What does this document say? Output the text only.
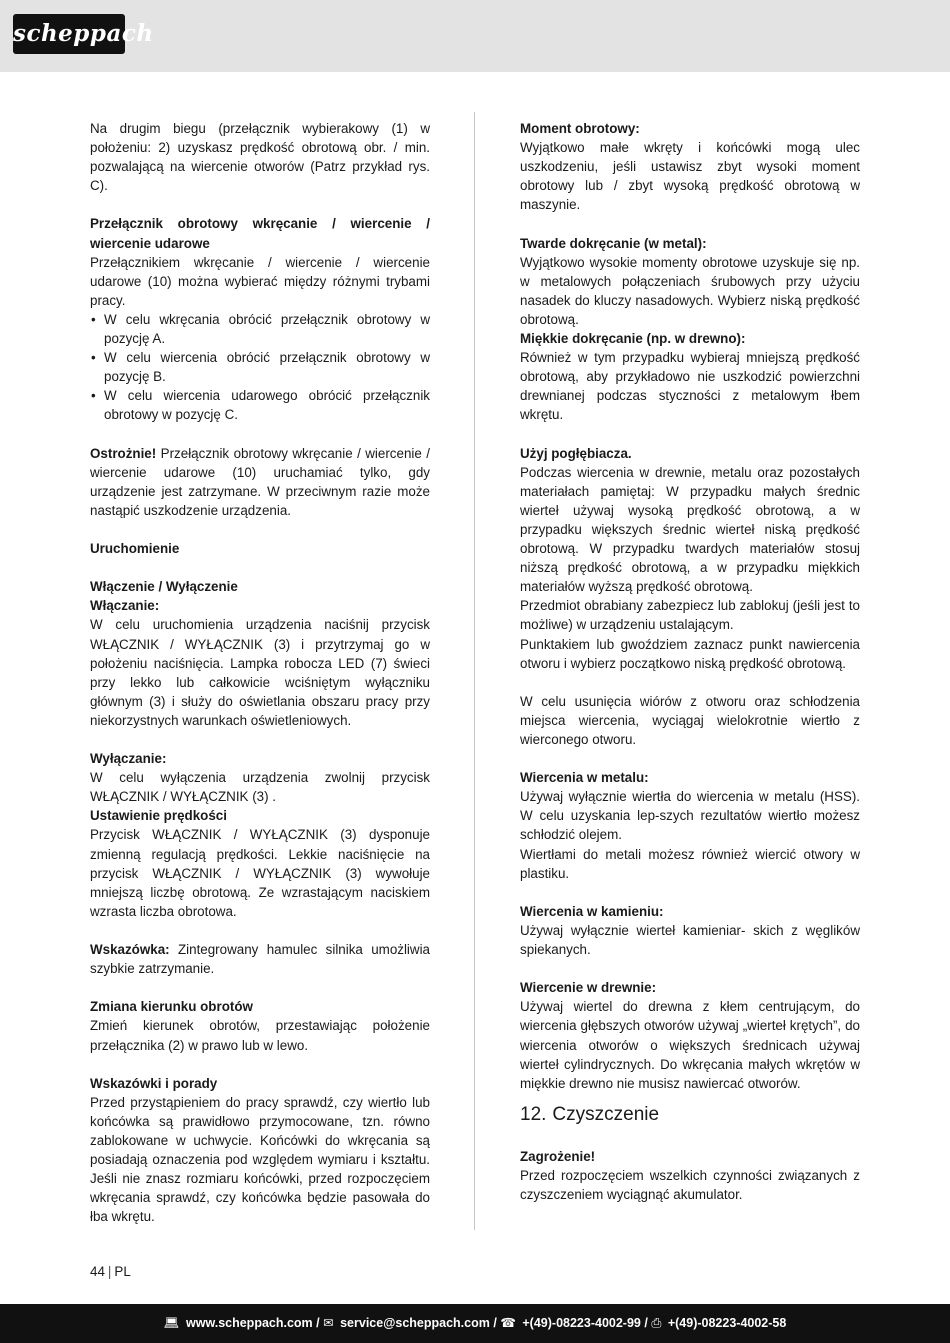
scheppach

Na drugim biegu (przełącznik wybierakowy (1) w położeniu: 2) uzyskasz prędkość obrotową obr. / min. pozwalającą na wiercenie otworów (Patrz przykład rys. C).

Przełącznik obrotowy wkręcanie / wiercenie / wiercenie udarowe

Przełącznikiem wkręcanie / wiercenie / wiercenie udarowe (10) można wybierać między różnymi trybami pracy.

• W celu wkręcania obrócić przełącznik obrotowy w pozycję A.
• W celu wiercenia obrócić przełącznik obrotowy w pozycję B.
• W celu wiercenia udarowego obrócić przełącznik obrotowy w pozycję C.

Ostrożnie! Przełącznik obrotowy wkręcanie / wiercenie / wiercenie udarowe (10) uruchamiać tylko, gdy urządzenie jest zatrzymane. W przeciwnym razie może nastąpić uszkodzenie urządzenia.

Uruchomienie

Włączenie / Wyłączenie

Włączanie:

W celu uruchomienia urządzenia naciśnij przycisk WŁĄCZNIK / WYŁĄCZNIK (3) i przytrzymaj go w położeniu naciśnięcia. Lampka robocza LED (7) świeci przy lekko lub całkowicie wciśniętym wyłączniku głównym (3) i służy do oświetlania obszaru pracy przy niekorzystnych warunkach oświetleniowych.

Wyłączanie:

W celu wyłączenia urządzenia zwolnij przycisk WŁĄCZNIK / WYŁĄCZNIK (3) .

Ustawienie prędkości

Przycisk WŁĄCZNIK / WYŁĄCZNIK (3) dysponuje zmienną regulacją prędkości. Lekkie naciśnięcie na przycisk WŁĄCZNIK / WYŁĄCZNIK (3) wywołuje mniejszą liczbę obrotową. Ze wzrastającym naciskiem wzrasta liczba obrotowa.

Wskazówka: Zintegrowany hamulec silnika umożliwia szybkie zatrzymanie.

Zmiana kierunku obrotów

Zmień kierunek obrotów, przestawiając położenie przełącznika (2) w prawo lub w lewo.

Wskazówki i porady

Przed przystąpieniem do pracy sprawdź, czy wiertło lub końcówka są prawidłowo przymocowane, tzn. równo zablokowane w uchwycie. Końcówki do wkręcania są posiadają oznaczenia pod względem wymiaru i kształtu. Jeśli nie znasz rozmiaru końcówki, przed rozpoczęciem wkręcania sprawdź, czy końcówka będzie pasowała do łba wkrętu.

Moment obrotowy:

Wyjątkowo małe wkręty i końcówki mogą ulec uszkodzeniu, jeśli ustawisz zbyt wysoki moment obrotowy lub / zbyt wysoką prędkość obrotową w maszynie.

Twarde dokręcanie (w metal):

Wyjątkowo wysokie momenty obrotowe uzyskuje się np. w metalowych połączeniach śrubowych przy użyciu nasadek do kluczy nasadowych. Wybierz niską prędkość obrotową.

Miękkie dokręcanie (np. w drewno):

Również w tym przypadku wybieraj mniejszą prędkość obrotową, aby przykładowo nie uszkodzić powierzchni drewnianej podczas styczności z metalowym łbem wkrętu.

Użyj pogłębiacza.

Podczas wiercenia w drewnie, metalu oraz pozostałych materiałach pamiętaj: W przypadku małych średnic wierteł używaj wysoką prędkość obrotową, a w przypadku większych średnic wierteł niską prędkość obrotową. W przypadku twardych materiałów stosuj niższą prędkość obrotową, a w przypadku miękkich materiałów wyższą prędkość obrotową.

Przedmiot obrabiany zabezpiecz lub zablokuj (jeśli jest to możliwe) w urządzeniu ustalającym.

Punktakiem lub gwoździem zaznacz punkt nawiercenia otworu i wybierz początkowo niską prędkość obrotową.

W celu usunięcia wiórów z otworu oraz schłodzenia miejsca wiercenia, wyciągaj wielokrotnie wiertło z wierconego otworu.

Wiercenia w metalu:

Używaj wyłącznie wiertła do wiercenia w metalu (HSS). W celu uzyskania lep-szych rezultatów wiertło możesz schłodzić olejem.

Wiertłami do metali możesz również wiercić otwory w plastiku.

Wiercenia w kamieniu:

Używaj wyłącznie wierteł kamieniar- skich z węglików spiekanych.

Wiercenie w drewnie:

Używaj wiertel do drewna z kłem centrującym, do wiercenia głębszych otworów używaj „wierteł krętych”, do wiercenia otworów o większych średnicach używaj wierteł cylindrycznych. Do wkręcania małych wkrętów w miękkie drewno nie musisz nawiercać otworów.

12. Czyszczenie

Zagrożenie!

Przed rozpoczęciem wszelkich czynności związanych z czyszczeniem wyciągnąć akumulator.

44 | PL
💻︎ www.scheppach.com / ✉︎ service@scheppach.com / ☎︎ +(49)-08223-4002-99 / ⎙ +(49)-08223-4002-58
